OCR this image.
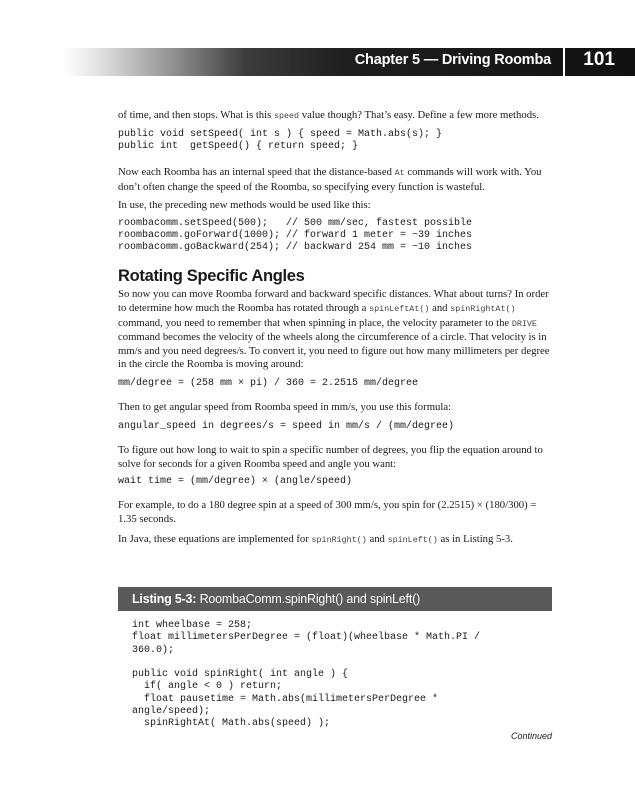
Chapter 5 — Driving Roomba 101

of time, and then stops. What is this speed value though? That’s easy. Define a few more methods.

public void setSpeed( int s ) { speed = Math.abs(s); }
public int  getSpeed() { return speed; }

Now each Roomba has an internal speed that the distance-based At commands will work with. You don’t often change the speed of the Roomba, so specifying every function is wasteful.

In use, the preceding new methods would be used like this:

roombacomm.setSpeed(500);   // 500 mm/sec, fastest possible
roombacomm.goForward(1000); // forward 1 meter = ~39 inches
roombacomm.goBackward(254); // backward 254 mm = ~10 inches
Rotating Specific Angles

So now you can move Roomba forward and backward specific distances. What about turns? In order to determine how much the Roomba has rotated through a spinLeftAt() and spinRightAt() command, you need to remember that when spinning in place, the velocity parameter to the DRIVE command becomes the velocity of the wheels along the circumference of a circle. That velocity is in mm/s and you need degrees/s. To convert it, you need to figure out how many millimeters per degree in the circle the Roomba is moving around:

mm/degree = (258 mm × pi) / 360 = 2.2515 mm/degree

Then to get angular speed from Roomba speed in mm/s, you use this formula:

angular_speed in degrees/s = speed in mm/s / (mm/degree)

To figure out how long to wait to spin a specific number of degrees, you flip the equation around to solve for seconds for a given Roomba speed and angle you want:

wait time = (mm/degree) × (angle/speed)

For example, to do a 180 degree spin at a speed of 300 mm/s, you spin for (2.2515) × (180/300) = 1.35 seconds.

In Java, these equations are implemented for spinRight() and spinLeft() as in Listing 5-3.

Listing 5-3: RoombaComm.spinRight() and spinLeft()
int wheelbase = 258;
float millimetersPerDegree = (float)(wheelbase * Math.PI /
360.0);

public void spinRight( int angle ) {
if( angle < 0 ) return;
float pausetime = Math.abs(millimetersPerDegree *
angle/speed);
spinRightAt( Math.abs(speed) );
Continued
